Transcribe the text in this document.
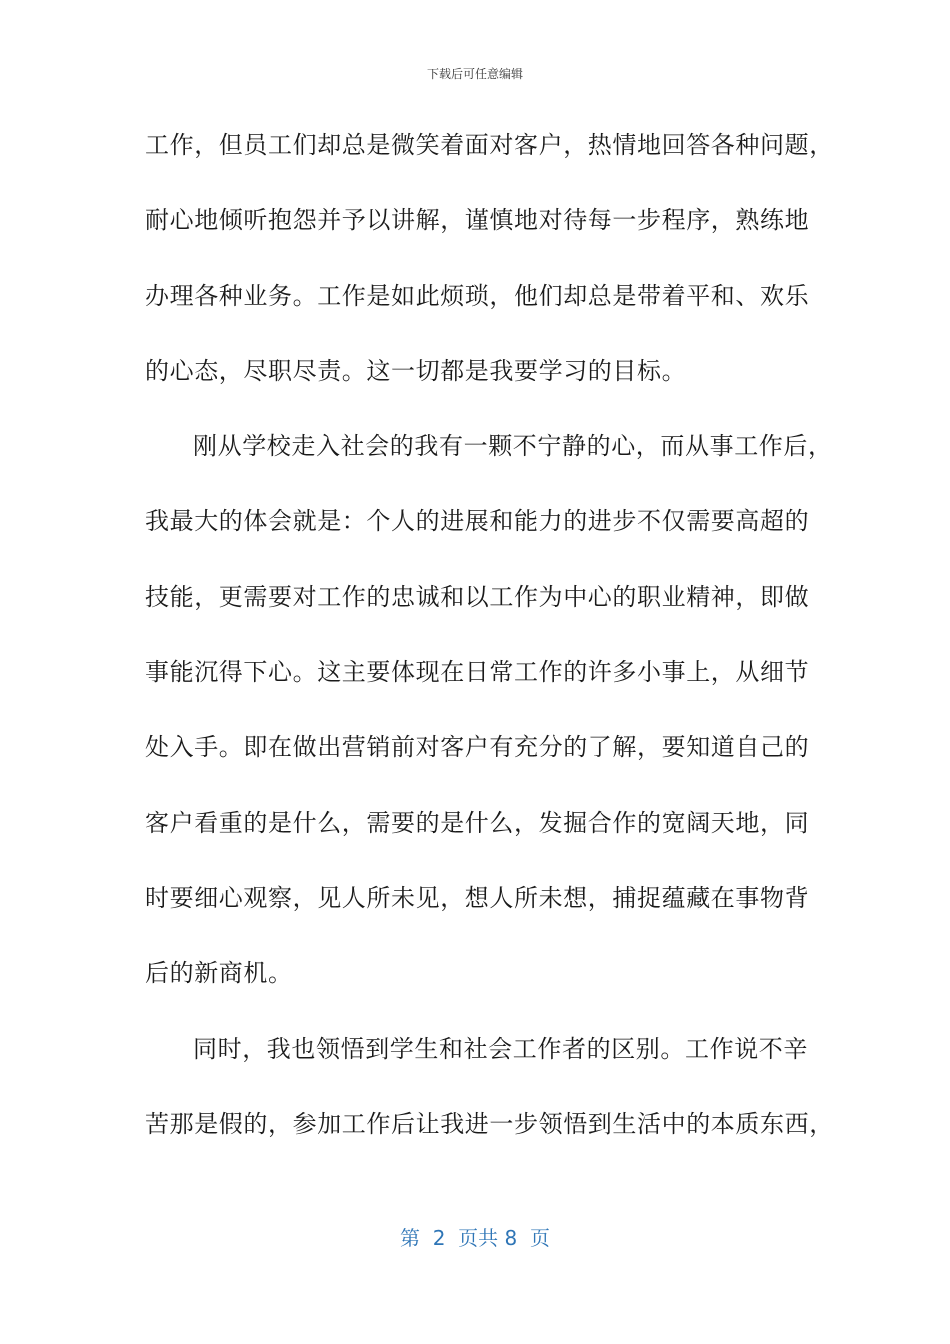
下载后可任意编辑
工作，但员工们却总是微笑着面对客户，热情地回答各种问题，
耐心地倾听抱怨并予以讲解，谨慎地对待每一步程序，熟练地
办理各种业务。工作是如此烦琐，他们却总是带着平和、欢乐
的心态，尽职尽责。这一切都是我要学习的目标。
刚从学校走入社会的我有一颗不宁静的心，而从事工作后，
我最大的体会就是：个人的进展和能力的进步不仅需要高超的
技能，更需要对工作的忠诚和以工作为中心的职业精神，即做
事能沉得下心。这主要体现在日常工作的许多小事上，从细节
处入手。即在做出营销前对客户有充分的了解，要知道自己的
客户看重的是什么，需要的是什么，发掘合作的宽阔天地，同
时要细心观察，见人所未见，想人所未想，捕捉蕴藏在事物背
后的新商机。
同时，我也领悟到学生和社会工作者的区别。工作说不辛
苦那是假的，参加工作后让我进一步领悟到生活中的本质东西，
第  2  页共 8  页
